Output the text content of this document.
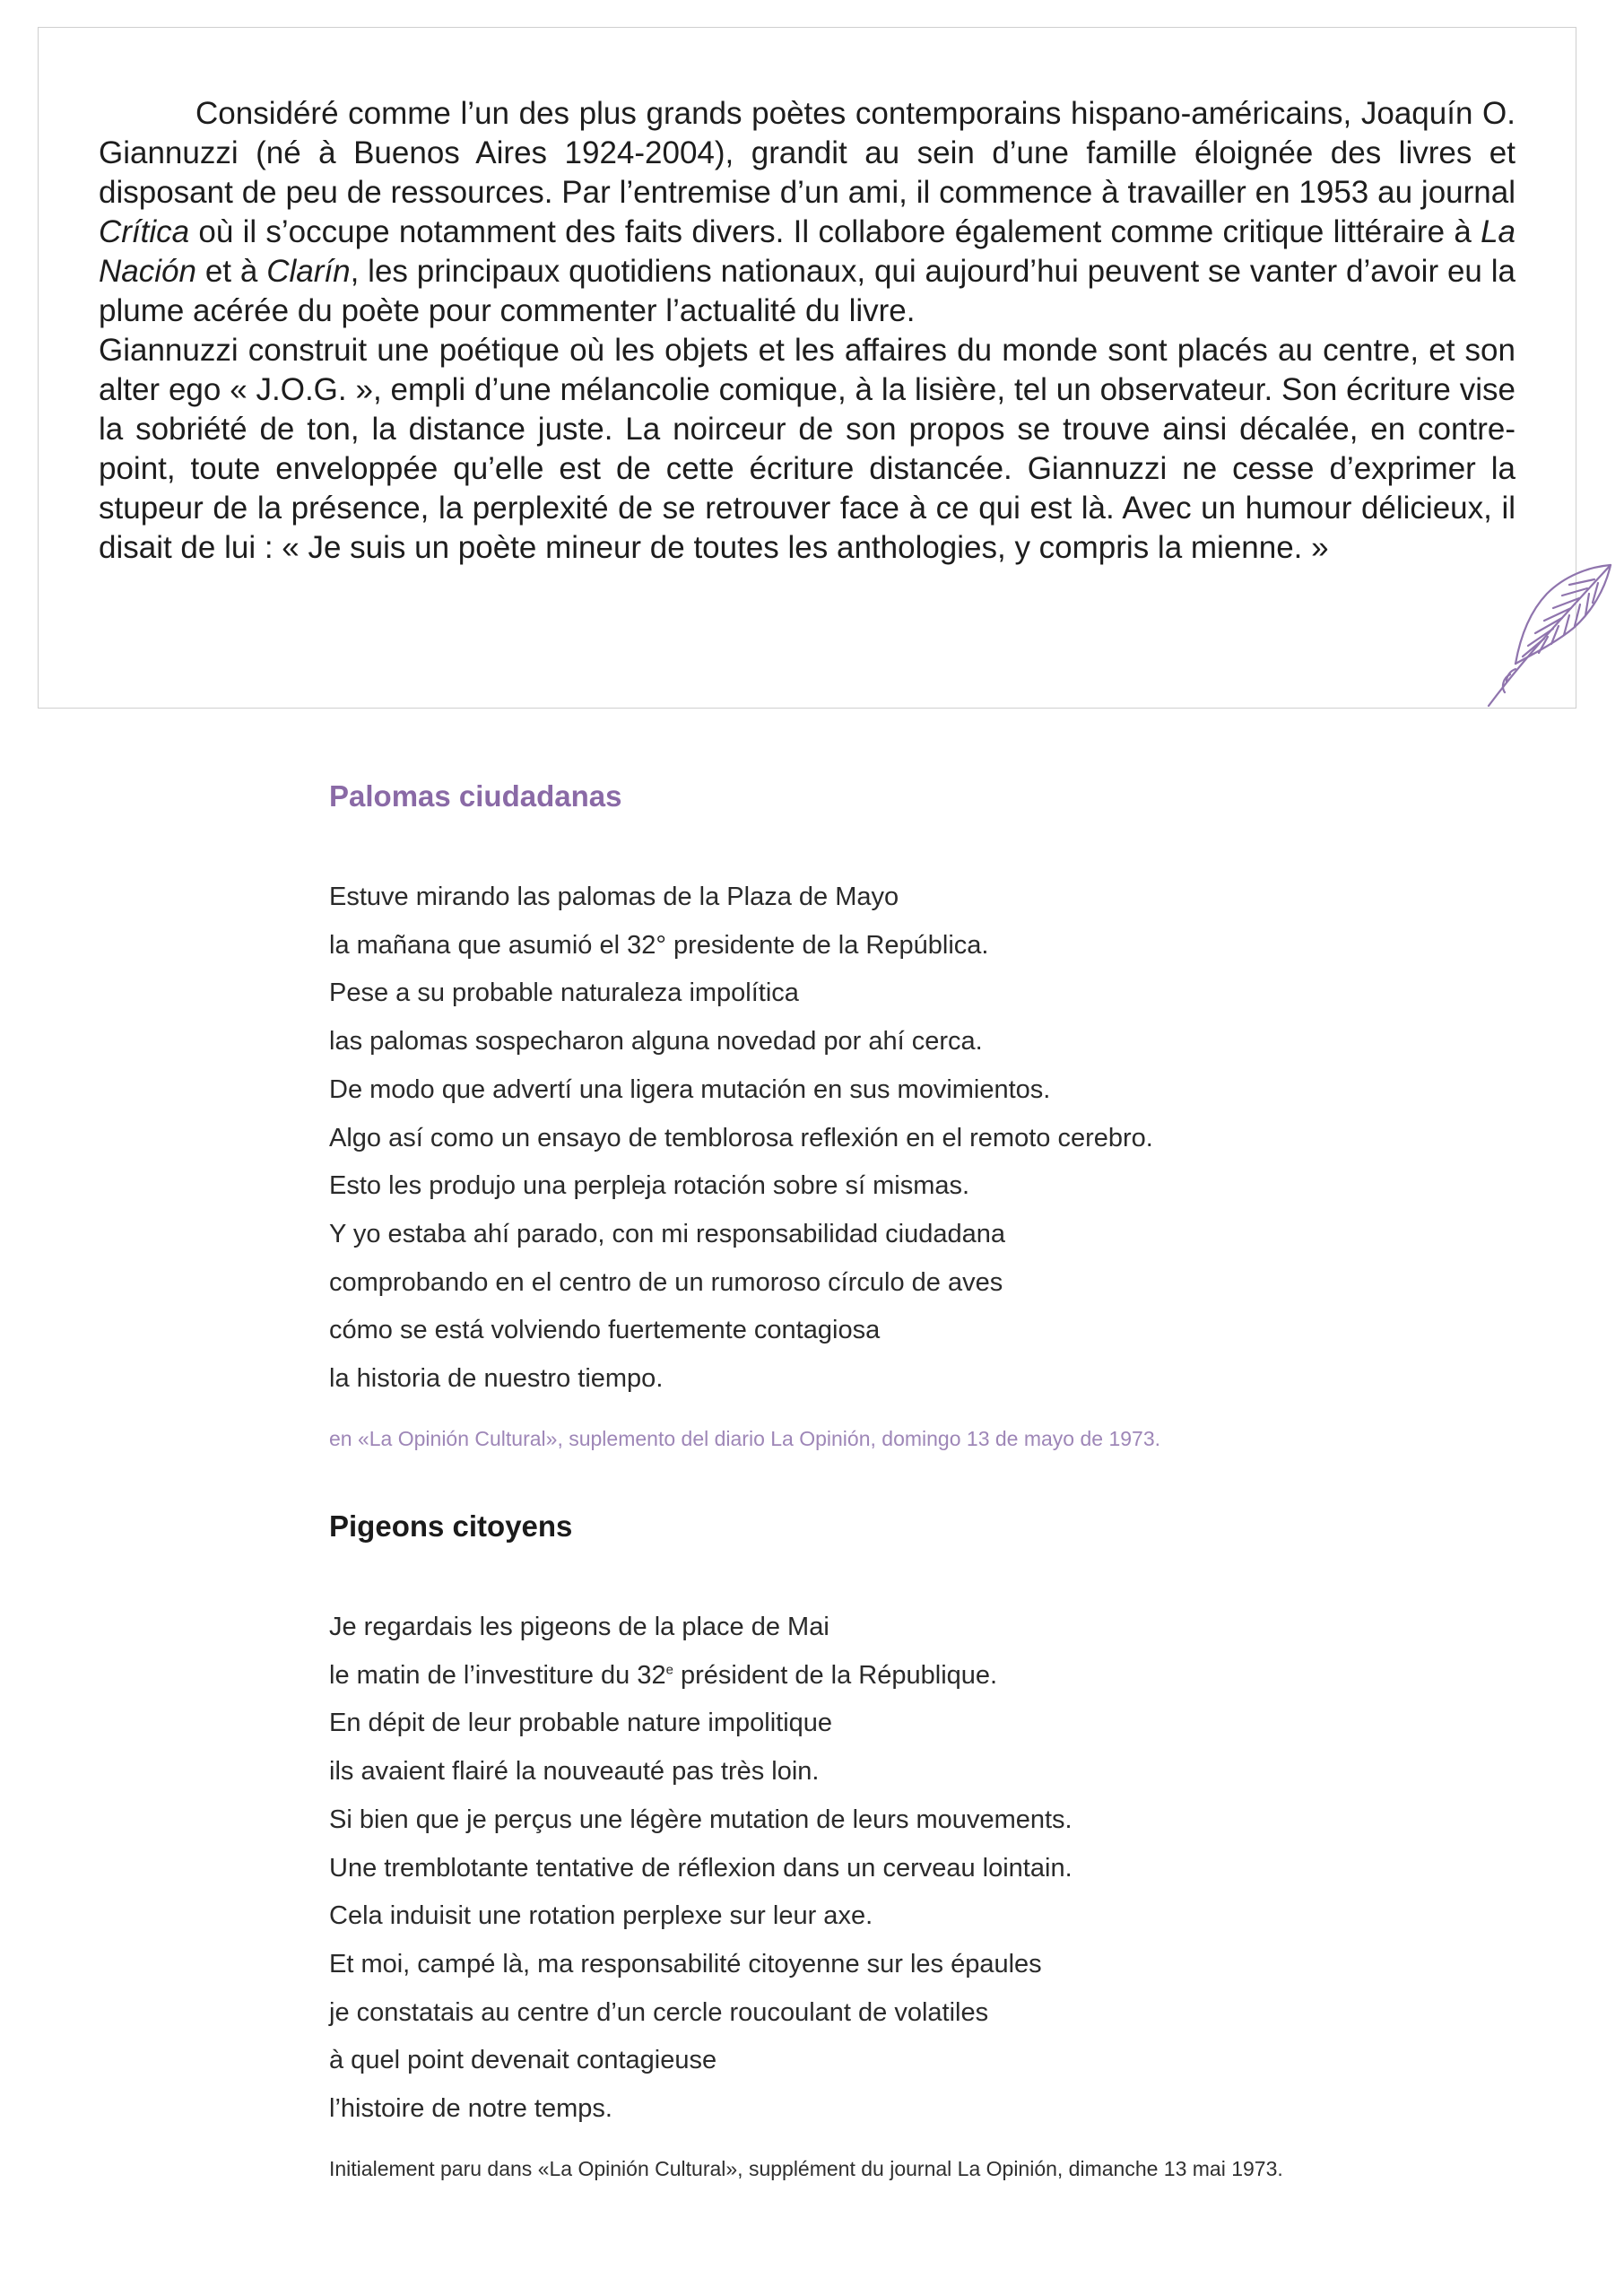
Considéré comme l’un des plus grands poètes contemporains hispano-américains, Joaquín O. Giannuzzi (né à Buenos Aires 1924-2004), grandit au sein d’une famille éloignée des livres et disposant de peu de ressources. Par l’entremise d’un ami, il commence à travailler en 1953 au journal Crítica où il s’occupe notamment des faits divers. Il collabore également comme critique littéraire à La Nación et à Clarín, les principaux quotidiens nationaux, qui aujourd’hui peuvent se vanter d’avoir eu la plume acérée du poète pour commenter l’actualité du livre.

Giannuzzi construit une poétique où les objets et les affaires du monde sont placés au centre, et son alter ego « J.O.G. », empli d’une mélancolie comique, à la lisière, tel un observateur. Son écriture vise la sobriété de ton, la distance juste. La noirceur de son propos se trouve ainsi décalée, en contre-point, toute enveloppée qu’elle est de cette écriture distancée. Giannuzzi ne cesse d’exprimer la stupeur de la présence, la perplexité de se retrouver face à ce qui est là. Avec un humour délicieux, il disait de lui : « Je suis un poète mineur de toutes les anthologies, y compris la mienne. »

Palomas ciudadanas
Estuve mirando las palomas de la Plaza de Mayo
la mañana que asumió el 32° presidente de la República.
Pese a su probable naturaleza impolítica
las palomas sospecharon alguna novedad por ahí cerca.
De modo que advertí una ligera mutación en sus movimientos.
Algo así como un ensayo de temblorosa reflexión en el remoto cerebro.
Esto les produjo una perpleja rotación sobre sí mismas.
Y yo estaba ahí parado, con mi responsabilidad ciudadana
comprobando en el centro de un rumoroso círculo de aves
cómo se está volviendo fuertemente contagiosa
la historia de nuestro tiempo.
en «La Opinión Cultural», suplemento del diario La Opinión, domingo 13 de mayo de 1973.
Pigeons citoyens
Je regardais les pigeons de la place de Mai
le matin de l’investiture du 32e président de la République.
En dépit de leur probable nature impolitique
ils avaient flairé la nouveauté pas très loin.
Si bien que je perçus une légère mutation de leurs mouvements.
Une tremblotante tentative de réflexion dans un cerveau lointain.
Cela induisit une rotation perplexe sur leur axe.
Et moi, campé là, ma responsabilité citoyenne sur les épaules
je constatais au centre d’un cercle roucoulant de volatiles
à quel point devenait contagieuse
l’histoire de notre temps.
Initialement paru dans «La Opinión Cultural», supplément du journal La Opinión, dimanche 13 mai 1973.
